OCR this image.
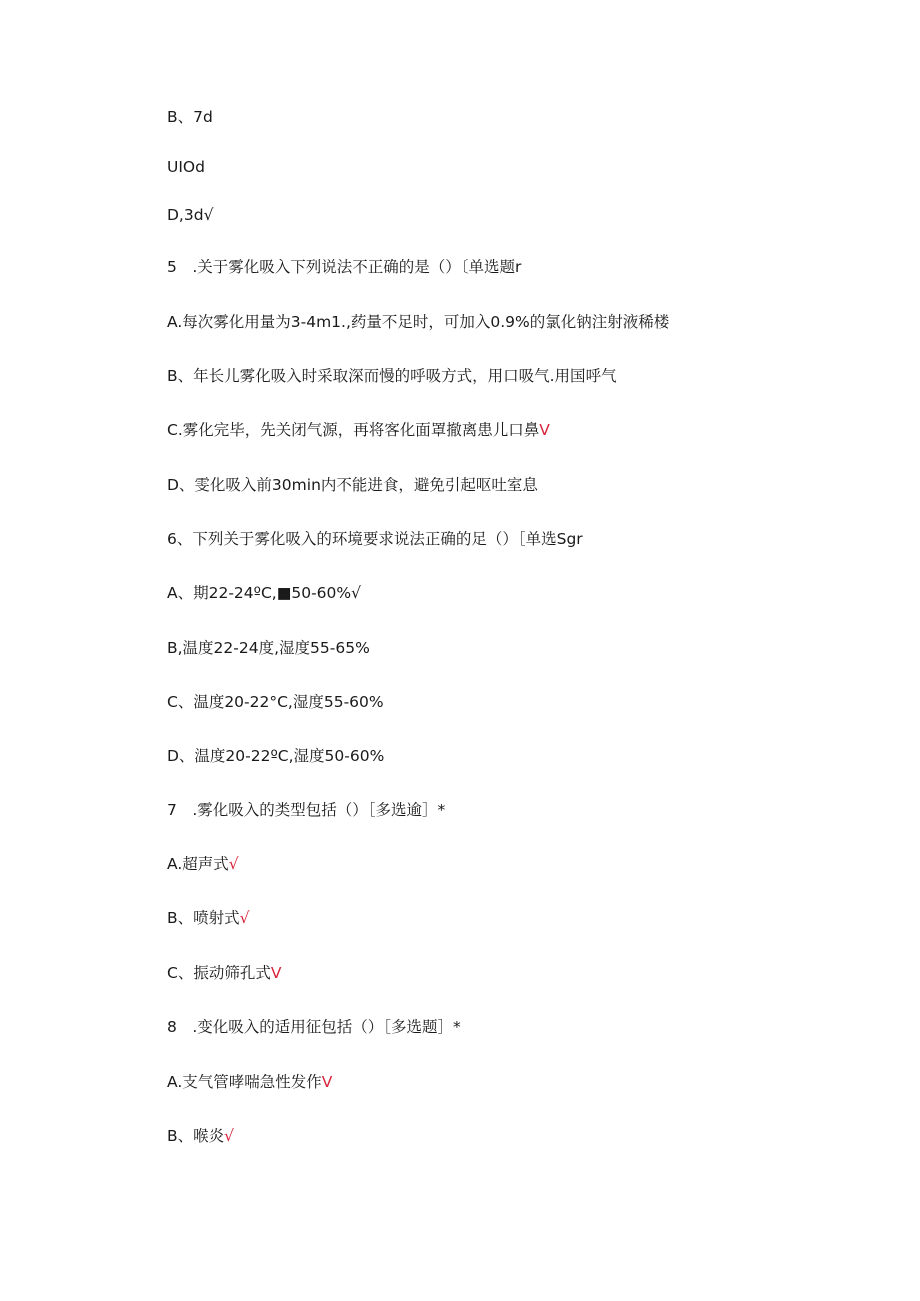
B、7d
UIOd
D,3d√
5　.关于雾化吸入下列说法不正确的是（）〔单选题r
A.每次雾化用量为3-4m1.,药量不足时，可加入0.9%的氯化钠注射液稀楼
B、年长儿雾化吸入时采取深而慢的呼吸方式，用口吸气.用国呼气
C.雾化完毕，先关闭气源，再将客化面罩撤离患儿口鼻V
D、雯化吸入前30min内不能进食，避免引起呕吐室息
6、下列关于雾化吸入的环境要求说法正确的足（）［单选Sgr
A、期22-24ºC,■50-60%√
B,温度22-24度,湿度55-65%
C、温度20-22°C,湿度55-60%
D、温度20-22ºC,湿度50-60%
7　.雾化吸入的类型包括（）［多选逾］*
A.超声式√
B、喷射式√
C、振动筛孔式V
8　.变化吸入的适用征包括（）［多选题］*
A.支气管哮喘急性发作V
B、喉炎√
